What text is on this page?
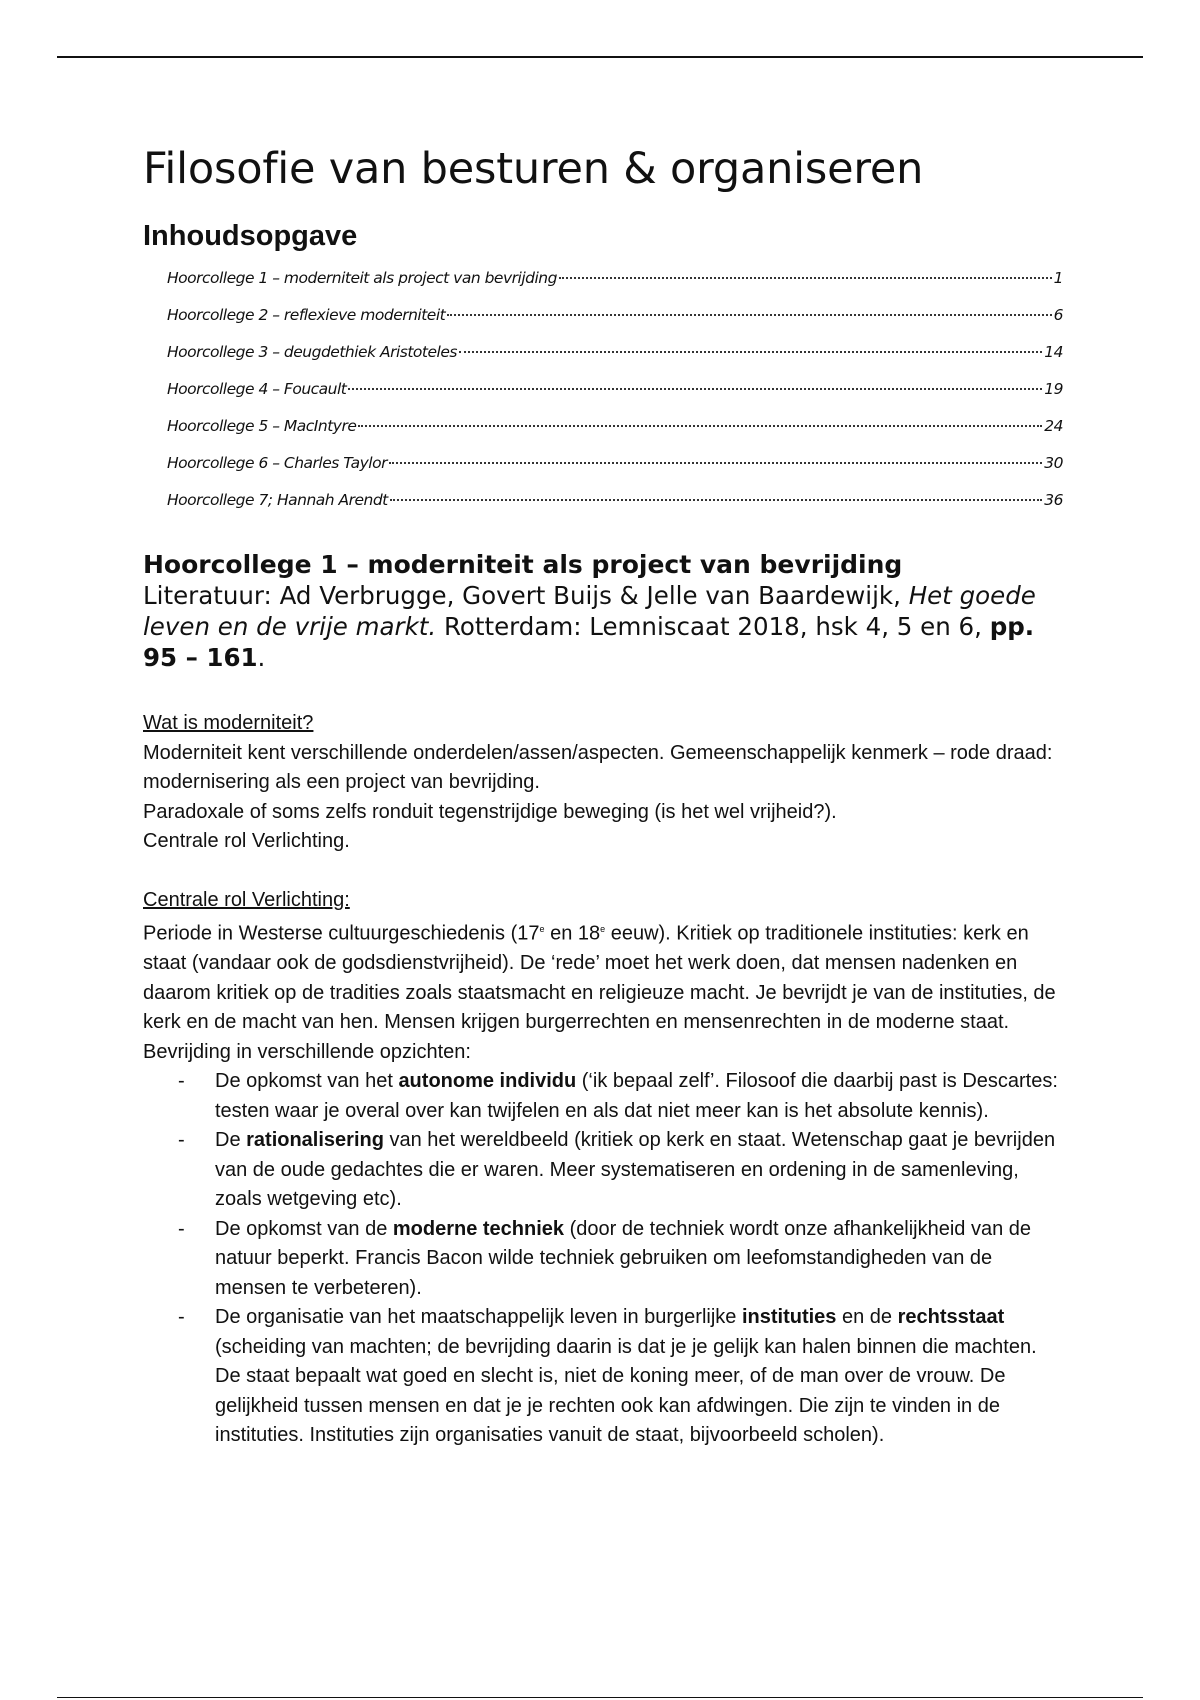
Filosofie van besturen & organiseren
Inhoudsopgave
Hoorcollege 1 – moderniteit als project van bevrijding	1
Hoorcollege 2 – reflexieve moderniteit	6
Hoorcollege 3 – deugdethiek Aristoteles	14
Hoorcollege 4 – Foucault	19
Hoorcollege 5 – MacIntyre	24
Hoorcollege 6 – Charles Taylor	30
Hoorcollege 7; Hannah Arendt	36
Hoorcollege 1 – moderniteit als project van bevrijding

Literatuur: Ad Verbrugge, Govert Buijs & Jelle van Baardewijk, Het goede leven en de vrije markt. Rotterdam: Lemniscaat 2018, hsk 4, 5 en 6, pp. 95 – 161.

Wat is moderniteit?

Moderniteit kent verschillende onderdelen/assen/aspecten. Gemeenschappelijk kenmerk – rode draad: modernisering als een project van bevrijding.

Paradoxale of soms zelfs ronduit tegenstrijdige beweging (is het wel vrijheid?).

Centrale rol Verlichting.

Centrale rol Verlichting:

Periode in Westerse cultuurgeschiedenis (17e en 18e eeuw). Kritiek op traditionele instituties: kerk en staat (vandaar ook de godsdienstvrijheid). De ‘rede’ moet het werk doen, dat mensen nadenken en daarom kritiek op de tradities zoals staatsmacht en religieuze macht. Je bevrijdt je van de instituties, de kerk en de macht van hen. Mensen krijgen burgerrechten en mensenrechten in de moderne staat.

Bevrijding in verschillende opzichten:

- De opkomst van het autonome individu (‘ik bepaal zelf’. Filosoof die daarbij past is Descartes: testen waar je overal over kan twijfelen en als dat niet meer kan is het absolute kennis).
- De rationalisering van het wereldbeeld (kritiek op kerk en staat. Wetenschap gaat je bevrijden van de oude gedachtes die er waren. Meer systematiseren en ordening in de samenleving, zoals wetgeving etc).
- De opkomst van de moderne techniek (door de techniek wordt onze afhankelijkheid van de natuur beperkt. Francis Bacon wilde techniek gebruiken om leefomstandigheden van de mensen te verbeteren).
- De organisatie van het maatschappelijk leven in burgerlijke instituties en de rechtsstaat (scheiding van machten; de bevrijding daarin is dat je je gelijk kan halen binnen die machten. De staat bepaalt wat goed en slecht is, niet de koning meer, of de man over de vrouw. De gelijkheid tussen mensen en dat je je rechten ook kan afdwingen. Die zijn te vinden in de instituties. Instituties zijn organisaties vanuit de staat, bijvoorbeeld scholen).
